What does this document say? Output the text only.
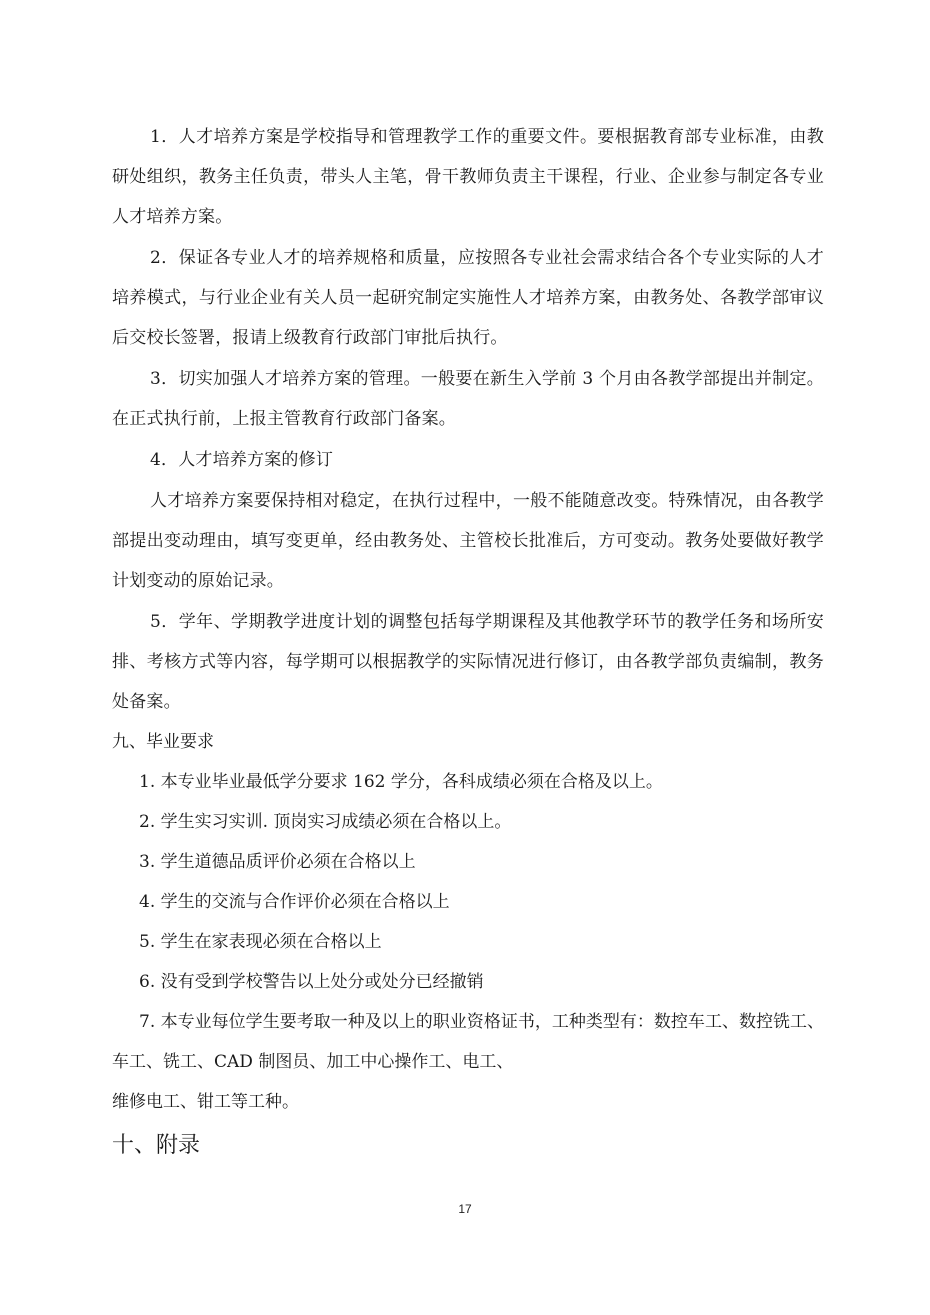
1．人才培养方案是学校指导和管理教学工作的重要文件。要根据教育部专业标准，由教研处组织，教务主任负责，带头人主笔，骨干教师负责主干课程，行业、企业参与制定各专业人才培养方案。

2．保证各专业人才的培养规格和质量，应按照各专业社会需求结合各个专业实际的人才培养模式，与行业企业有关人员一起研究制定实施性人才培养方案，由教务处、各教学部审议后交校长签署，报请上级教育行政部门审批后执行。

3．切实加强人才培养方案的管理。一般要在新生入学前 3 个月由各教学部提出并制定。在正式执行前，上报主管教育行政部门备案。

4．人才培养方案的修订

人才培养方案要保持相对稳定，在执行过程中，一般不能随意改变。特殊情况，由各教学部提出变动理由，填写变更单，经由教务处、主管校长批准后，方可变动。教务处要做好教学计划变动的原始记录。

5．学年、学期教学进度计划的调整包括每学期课程及其他教学环节的教学任务和场所安排、考核方式等内容，每学期可以根据教学的实际情况进行修订，由各教学部负责编制，教务处备案。

九、毕业要求

1. 本专业毕业最低学分要求 162 学分，各科成绩必须在合格及以上。

2. 学生实习实训. 顶岗实习成绩必须在合格以上。

3. 学生道德品质评价必须在合格以上

4. 学生的交流与合作评价必须在合格以上

5. 学生在家表现必须在合格以上

6. 没有受到学校警告以上处分或处分已经撤销

7. 本专业每位学生要考取一种及以上的职业资格证书，工种类型有：数控车工、数控铣工、车工、铣工、CAD 制图员、加工中心操作工、电工、

维修电工、钳工等工种。

十、附录
17
